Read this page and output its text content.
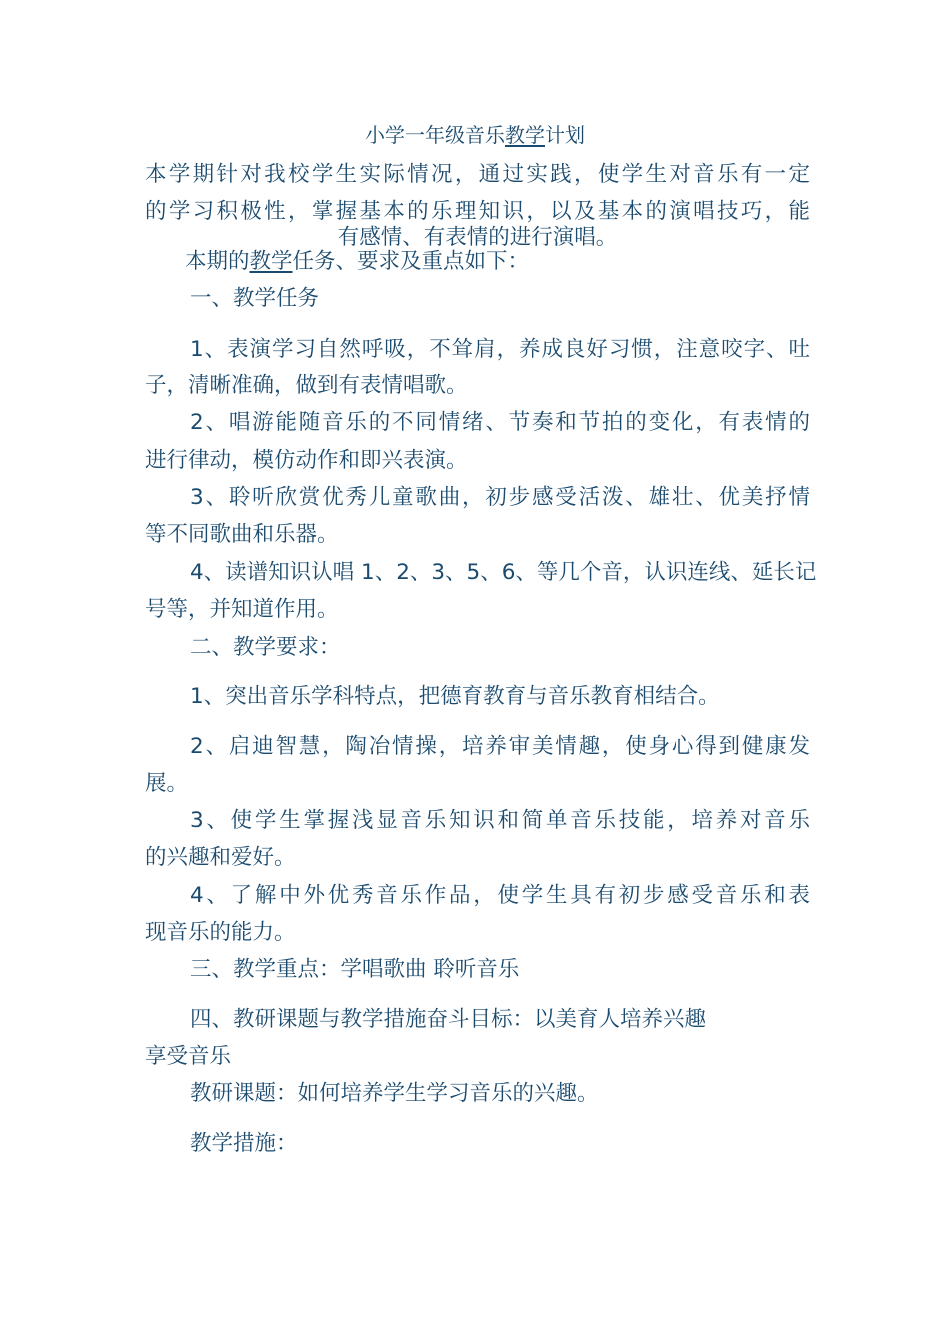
小学一年级音乐教学计划
本学期针对我校学生实际情况，通过实践，使学生对音乐有一定
的学习积极性，掌握基本的乐理知识，以及基本的演唱技巧，能
有感情、有表情的进行演唱。
本期的教学任务、要求及重点如下：
一、教学任务
1、表演学习自然呼吸，不耸肩，养成良好习惯，注意咬字、吐
子，清晰准确，做到有表情唱歌。
2、唱游能随音乐的不同情绪、节奏和节拍的变化，有表情的
进行律动，模仿动作和即兴表演。
3、聆听欣赏优秀儿童歌曲，初步感受活泼、雄壮、优美抒情
等不同歌曲和乐器。
4、读谱知识认唱 1、2、3、5、6、等几个音，认识连线、延长记
号等，并知道作用。
二、教学要求：
1、突出音乐学科特点，把德育教育与音乐教育相结合。
2、启迪智慧，陶冶情操，培养审美情趣，使身心得到健康发
展。
3、使学生掌握浅显音乐知识和简单音乐技能，培养对音乐
的兴趣和爱好。
4、了解中外优秀音乐作品，使学生具有初步感受音乐和表
现音乐的能力。
三、教学重点：学唱歌曲 聆听音乐
四、教研课题与教学措施奋斗目标：以美育人培养兴趣
享受音乐
教研课题：如何培养学生学习音乐的兴趣。
教学措施：
